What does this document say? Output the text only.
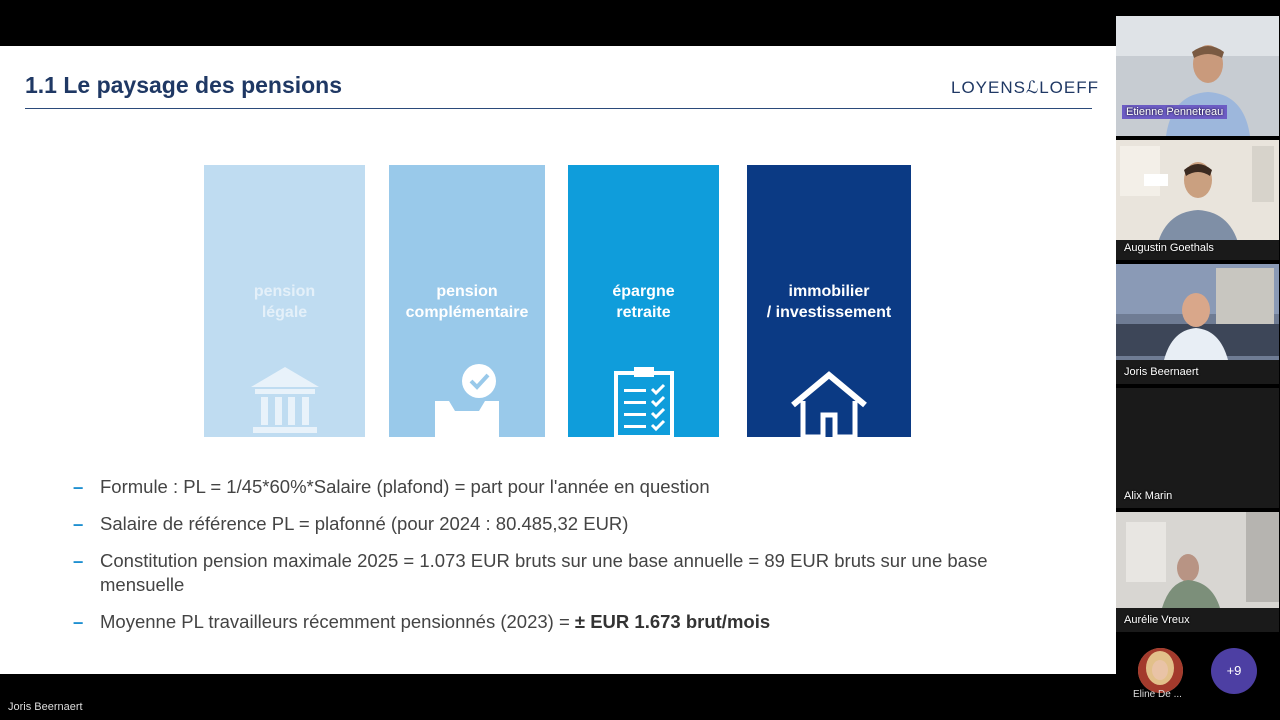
1.1 Le paysage des pensions	LOYENSℒLOEFF
pension
légale
pension
complémentaire
épargne
retraite
immobilier
/ investissement
– Formule : PL = 1/45*60%*Salaire (plafond) = part pour l'année en question
– Salaire de référence PL = plafonné (pour 2024 : 80.485,32 EUR)
– Constitution pension maximale 2025 = 1.073 EUR bruts sur une base annuelle = 89 EUR bruts sur une base mensuelle
– Moyenne PL travailleurs récemment pensionnés (2023) = ± EUR 1.673 brut/mois
Joris Beernaert
Etienne Pennetreau
Augustin Goethals
Joris Beernaert
Alix Marin
Aurélie Vreux
Eline De ...
+9
